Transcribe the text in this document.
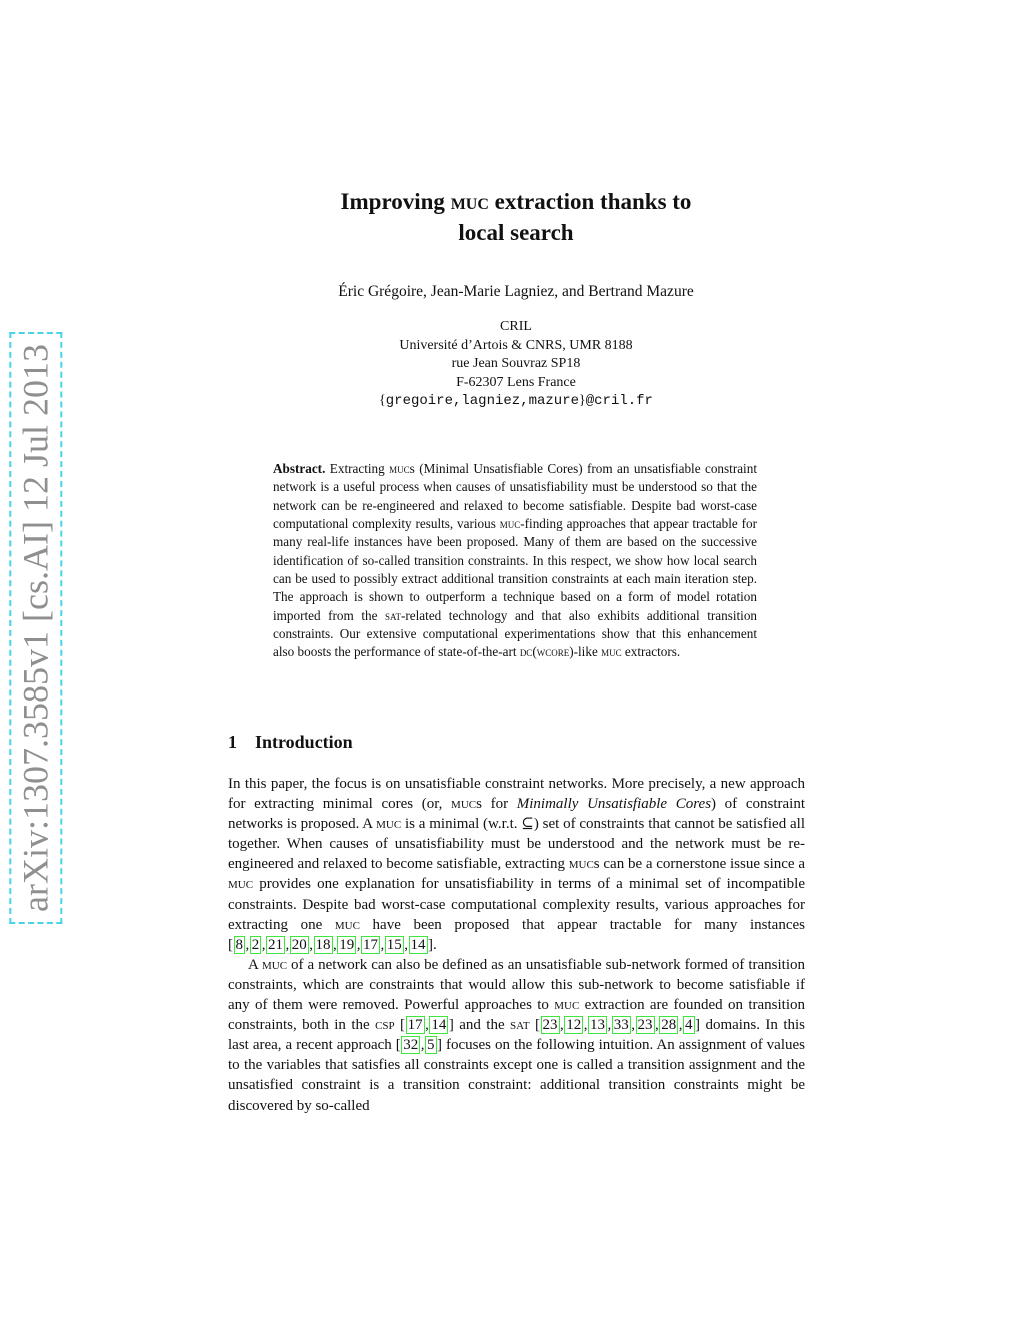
arXiv:1307.3585v1 [cs.AI] 12 Jul 2013
Improving muc extraction thanks to
local search
Éric Grégoire, Jean-Marie Lagniez, and Bertrand Mazure
CRIL
Université d’Artois & CNRS, UMR 8188
rue Jean Souvraz SP18
F-62307 Lens France
{gregoire,lagniez,mazure}@cril.fr
Abstract. Extracting mucs (Minimal Unsatisfiable Cores) from an unsatisfiable constraint network is a useful process when causes of unsatisfiability must be understood so that the network can be re-engineered and relaxed to become satisfiable. Despite bad worst-case computational complexity results, various muc-finding approaches that appear tractable for many real-life instances have been proposed. Many of them are based on the successive identification of so-called transition constraints. In this respect, we show how local search can be used to possibly extract additional transition constraints at each main iteration step. The approach is shown to outperform a technique based on a form of model rotation imported from the sat-related technology and that also exhibits additional transition constraints. Our extensive computational experimentations show that this enhancement also boosts the performance of state-of-the-art dc(wcore)-like muc extractors.
1 Introduction

In this paper, the focus is on unsatisfiable constraint networks. More precisely, a new approach for extracting minimal cores (or, mucs for Minimally Unsatisfiable Cores) of constraint networks is proposed. A muc is a minimal (w.r.t. ⊆) set of constraints that cannot be satisfied all together. When causes of unsatisfiability must be understood and the network must be re-engineered and relaxed to become satisfiable, extracting mucs can be a cornerstone issue since a muc provides one explanation for unsatisfiability in terms of a minimal set of incompatible constraints. Despite bad worst-case computational complexity results, various approaches for extracting one muc have been proposed that appear tractable for many instances [ 8 , 2 , 21 , 20 , 18 , 19 , 17 , 15 , 14 ].

A muc of a network can also be defined as an unsatisfiable sub-network formed of transition constraints, which are constraints that would allow this sub-network to become satisfiable if any of them were removed. Powerful approaches to muc extraction are founded on transition constraints, both in the csp [ 17 , 14 ] and the sat [ 23 , 12 , 13 , 33 , 23 , 28 , 4 ] domains. In this last area, a recent approach [ 32 , 5 ] focuses on the following intuition. An assignment of values to the variables that satisfies all constraints except one is called a transition assignment and the unsatisfied constraint is a transition constraint: additional transition constraints might be discovered by so-called
